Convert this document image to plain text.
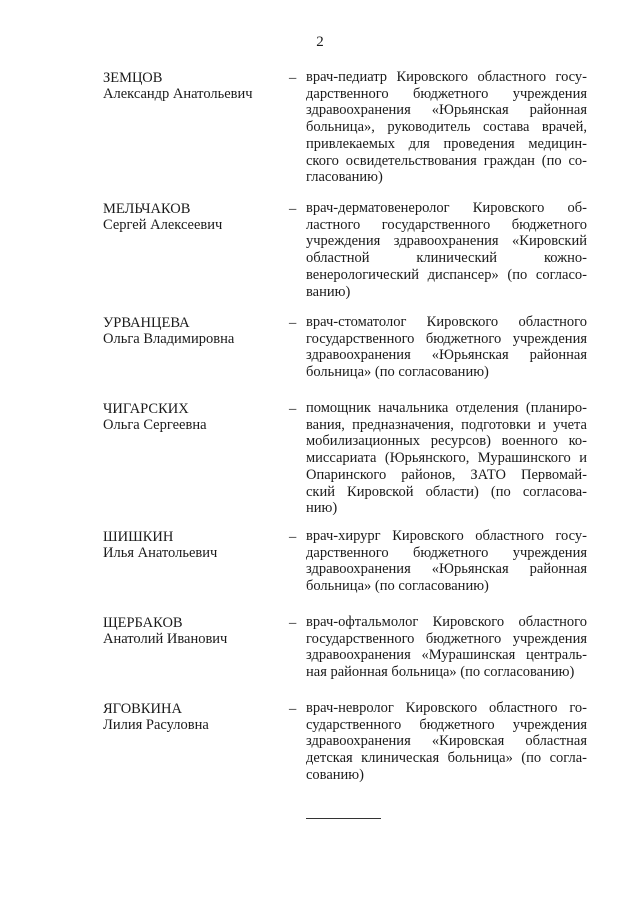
2
ЗЕМЦОВ
Александр Анатольевич
– врач-педиатр Кировского областного госу-
дарственного бюджетного учреждения
здравоохранения «Юрьянская районная
больница», руководитель состава врачей,
привлекаемых для проведения медицин-
ского освидетельствования граждан (по со-
гласованию)
МЕЛЬЧАКОВ
Сергей Алексеевич
– врач-дерматовенеролог Кировского об-
ластного государственного бюджетного
учреждения здравоохранения «Кировский
областной клинический кожно-
венерологический диспансер» (по согласо-
ванию)
УРВАНЦЕВА
Ольга Владимировна
– врач-стоматолог Кировского областного
государственного бюджетного учреждения
здравоохранения «Юрьянская районная
больница» (по согласованию)
ЧИГАРСКИХ
Ольга Сергеевна
– помощник начальника отделения (планиро-
вания, предназначения, подготовки и учета
мобилизационных ресурсов) военного ко-
миссариата (Юрьянского, Мурашинского и
Опаринского районов, ЗАТО Первомай-
ский Кировской области) (по согласова-
нию)
ШИШКИН
Илья Анатольевич
– врач-хирург Кировского областного госу-
дарственного бюджетного учреждения
здравоохранения «Юрьянская районная
больница» (по согласованию)
ЩЕРБАКОВ
Анатолий Иванович
– врач-офтальмолог Кировского областного
государственного бюджетного учреждения
здравоохранения «Мурашинская централь-
ная районная больница» (по согласованию)
ЯГОВКИНА
Лилия Расуловна
– врач-невролог Кировского областного го-
сударственного бюджетного учреждения
здравоохранения «Кировская областная
детская клиническая больница» (по согла-
сованию)
